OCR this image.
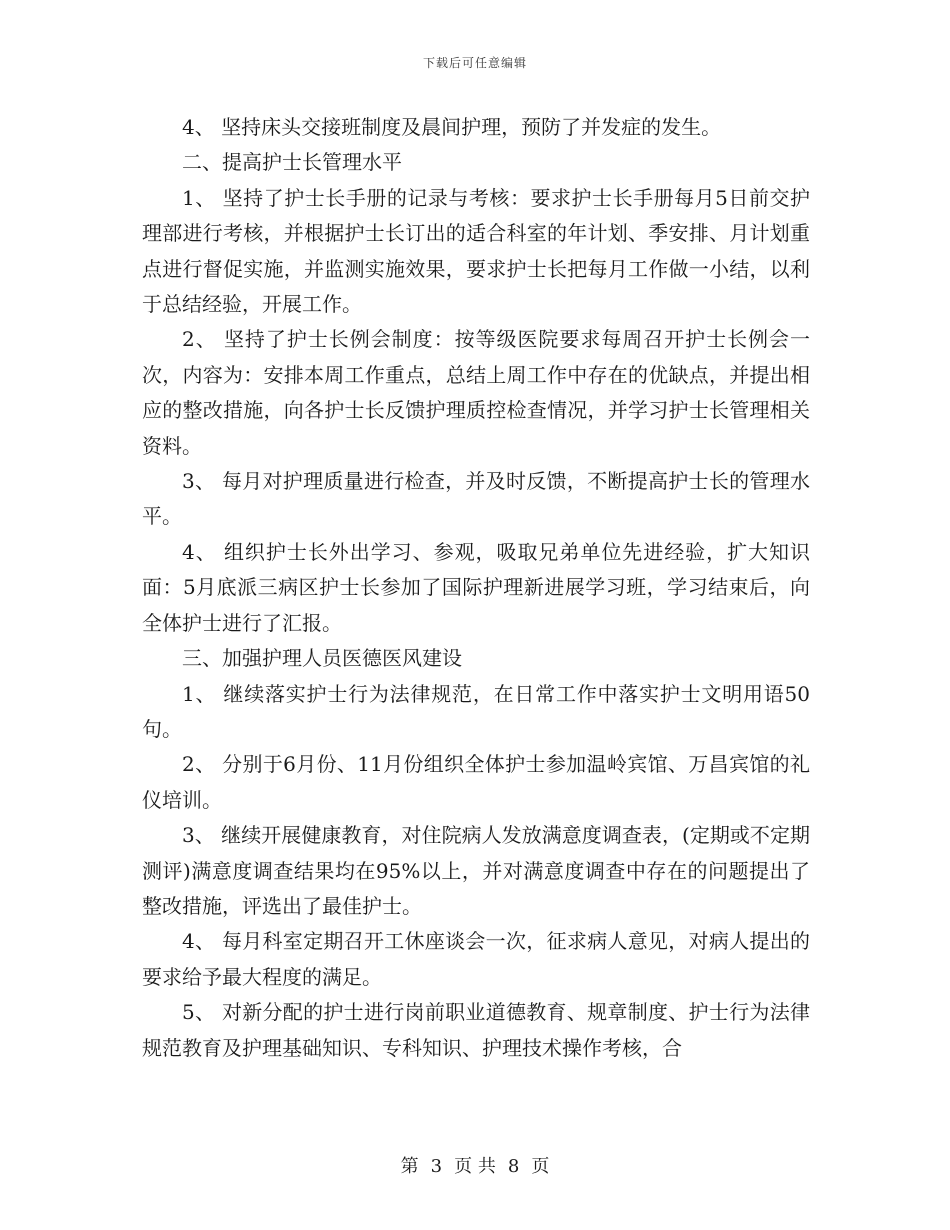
下载后可任意编辑

4、 坚持床头交接班制度及晨间护理，预防了并发症的发生。

二、提高护士长管理水平

1、 坚持了护士长手册的记录与考核：要求护士长手册每月5日前交护理部进行考核，并根据护士长订出的适合科室的年计划、季安排、月计划重点进行督促实施，并监测实施效果，要求护士长把每月工作做一小结，以利于总结经验，开展工作。

2、 坚持了护士长例会制度：按等级医院要求每周召开护士长例会一次，内容为：安排本周工作重点，总结上周工作中存在的优缺点，并提出相应的整改措施，向各护士长反馈护理质控检查情况，并学习护士长管理相关资料。

3、 每月对护理质量进行检查，并及时反馈，不断提高护士长的管理水平。

4、 组织护士长外出学习、参观，吸取兄弟单位先进经验，扩大知识面：5月底派三病区护士长参加了国际护理新进展学习班，学习结束后，向全体护士进行了汇报。

三、加强护理人员医德医风建设

1、 继续落实护士行为法律规范，在日常工作中落实护士文明用语50句。

2、 分别于6月份、11月份组织全体护士参加温岭宾馆、万昌宾馆的礼仪培训。

3、 继续开展健康教育，对住院病人发放满意度调查表，(定期或不定期测评)满意度调查结果均在95%以上，并对满意度调查中存在的问题提出了整改措施，评选出了最佳护士。

4、 每月科室定期召开工休座谈会一次，征求病人意见，对病人提出的要求给予最大程度的满足。

5、 对新分配的护士进行岗前职业道德教育、规章制度、护士行为法律规范教育及护理基础知识、专科知识、护理技术操作考核，合

第 3 页 共 8 页
